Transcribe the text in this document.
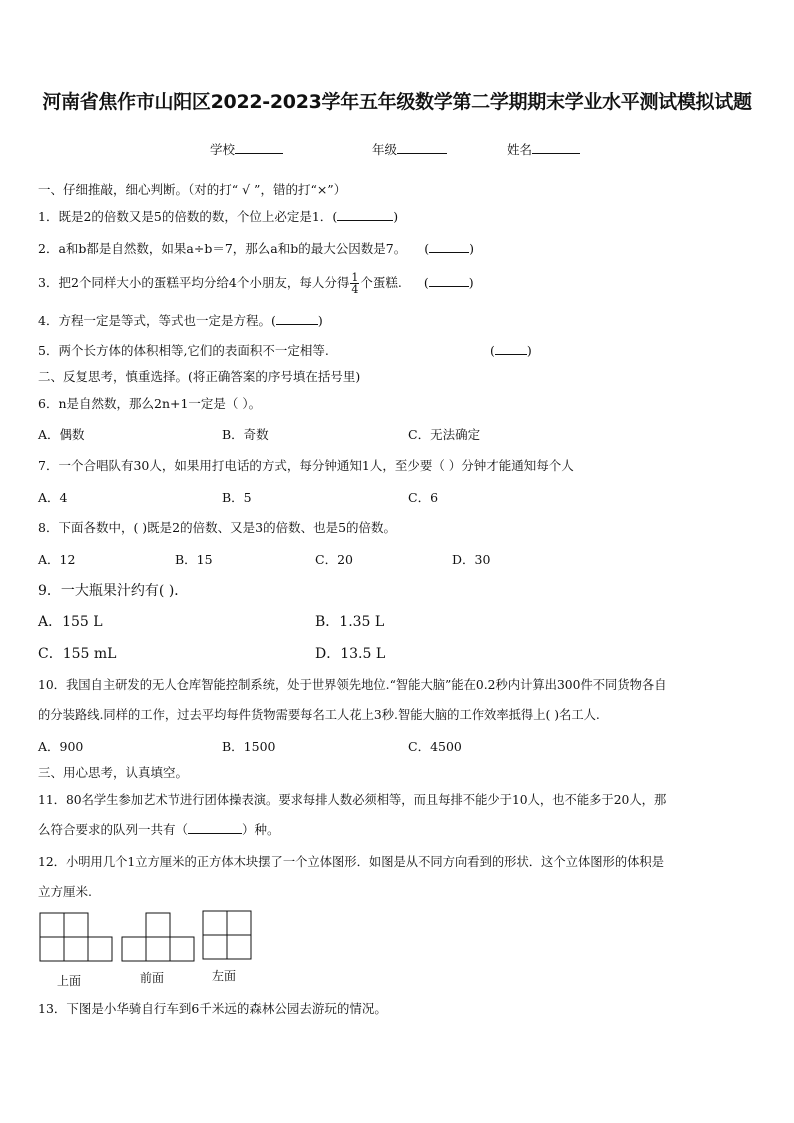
河南省焦作市山阳区2022-2023学年五年级数学第二学期期末学业水平测试模拟试题
学校	年级	姓名
一、仔细推敲，细心判断。（对的打“ √ ”，错的打“×”）
1．既是2的倍数又是5的倍数的数，个位上必定是1．(	)
2．a和b都是自然数，如果a÷b＝7，那么a和b的最大公因数是7。 (	)
3．把2个同样大小的蛋糕平均分给4个小朋友，每人分得 $\frac{1}{4}$ 个蛋糕. (	)
4．方程一定是等式，等式也一定是方程。(	)
5．两个长方体的体积相等,它们的表面积不一定相等.	(	)
二、反复思考，慎重选择。(将正确答案的序号填在括号里)
6．n是自然数，那么2n+1一定是（ ）。
A．偶数	B．奇数	C．无法确定
7．一个合唱队有30人，如果用打电话的方式，每分钟通知1人，至少要（ ）分钟才能通知每个人
A．4	B．5	C．6
8．下面各数中，( )既是2的倍数、又是3的倍数、也是5的倍数。
A．12	B．15	C．20	D．30
9．一大瓶果汁约有( )．
A．155 L	B．1.35 L
C．155 mL	D．13.5 L
10．我国自主研发的无人仓库智能控制系统，处于世界领先地位.“智能大脑”能在0.2秒内计算出300件不同货物各自
的分装路线.同样的工作，过去平均每件货物需要每名工人花上3秒.智能大脑的工作效率抵得上( )名工人.
A．900	B．1500	C．4500
三、用心思考，认真填空。
11．80名学生参加艺术节进行团体操表演。要求每排人数必须相等，而且每排不能少于10人，也不能多于20人，那
么符合要求的队列一共有（	）种。
12．小明用几个1立方厘米的正方体木块摆了一个立体图形．如图是从不同方向看到的形状．这个立体图形的体积是
立方厘米.
上面	前面	左面
13．下图是小华骑自行车到6千米远的森林公园去游玩的情况。
